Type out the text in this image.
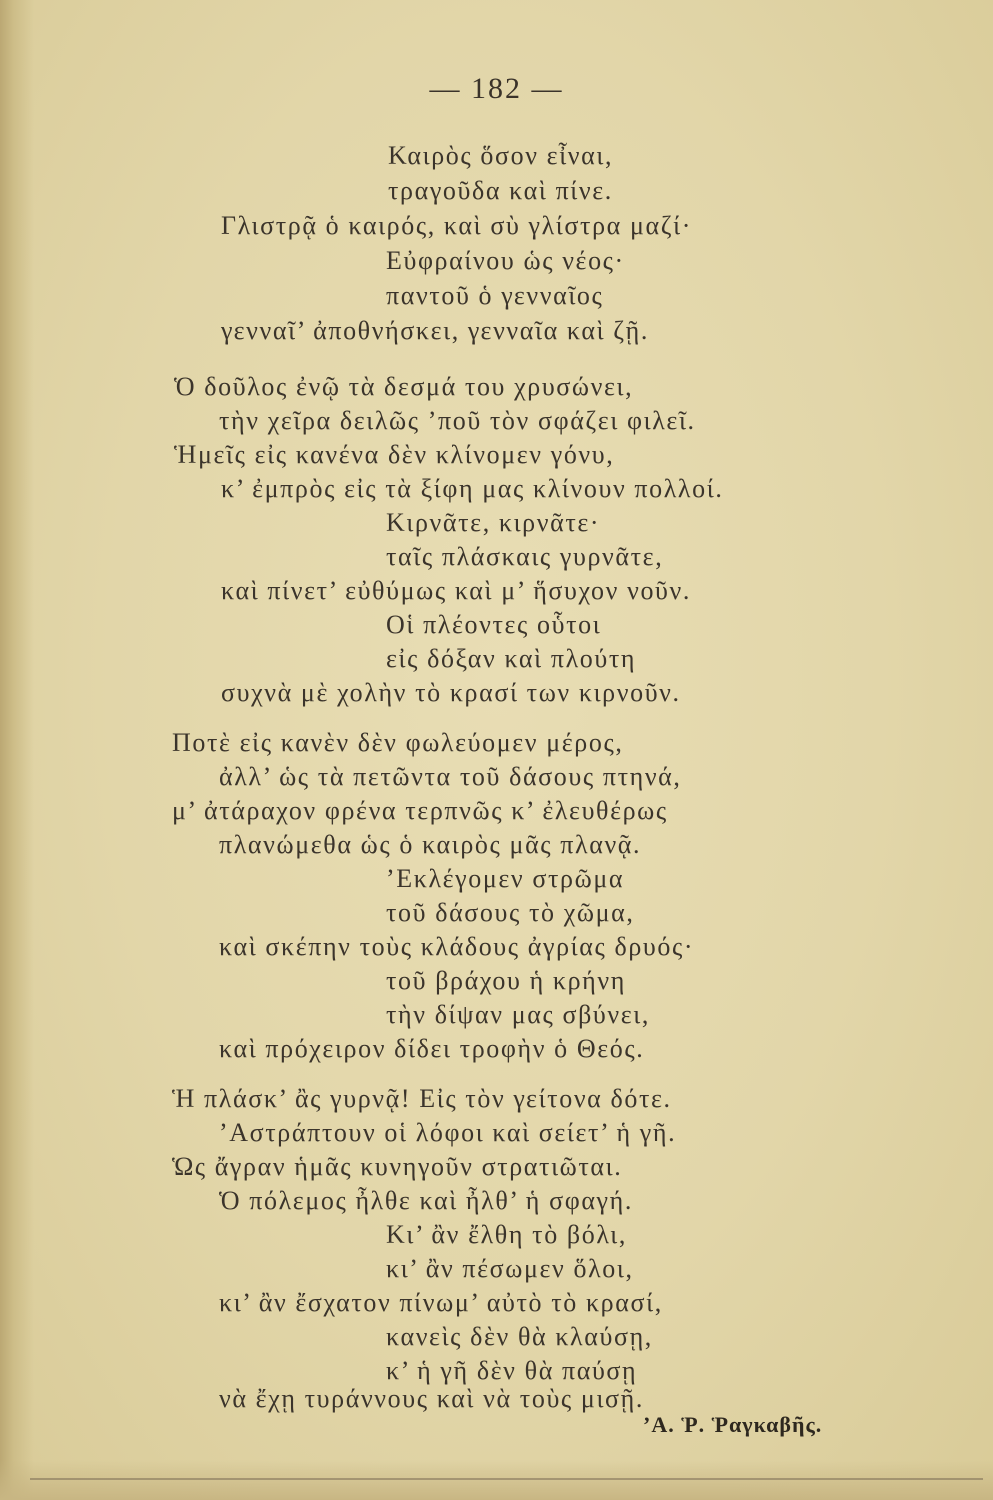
— 182 —
Καιρὸς ὅσον εἶναι,
τραγοῦδα καὶ πίνε.
Γλιστρᾷ ὁ καιρός, καὶ σὺ γλίστρα μαζί·
Εὐφραίνου ὡς νέος·
παντοῦ ὁ γενναῖος
γενναῖ’ ἀποθνήσκει, γενναῖα καὶ ζῇ.
Ὁ δοῦλος ἐνῷ τὰ δεσμά του χρυσώνει,
τὴν χεῖρα δειλῶς ’ποῦ τὸν σφάζει φιλεῖ.
Ἡμεῖς εἰς κανένα δὲν κλίνομεν γόνυ,
κ’ ἐμπρὸς εἰς τὰ ξίφη μας κλίνουν πολλοί.
Κιρνᾶτε, κιρνᾶτε·
ταῖς πλάσκαις γυρνᾶτε,
καὶ πίνετ’ εὐθύμως καὶ μ’ ἥσυχον νοῦν.
Οἱ πλέοντες οὗτοι
εἰς δόξαν καὶ πλούτη
συχνὰ μὲ χολὴν τὸ κρασί των κιρνοῦν.
Ποτὲ εἰς κανὲν δὲν φωλεύομεν μέρος,
ἀλλ’ ὡς τὰ πετῶντα τοῦ δάσους πτηνά,
μ’ ἀτάραχον φρένα τερπνῶς κ’ ἐλευθέρως
πλανώμεθα ὡς ὁ καιρὸς μᾶς πλανᾷ.
’Εκλέγομεν στρῶμα
τοῦ δάσους τὸ χῶμα,
καὶ σκέπην τοὺς κλάδους ἀγρίας δρυός·
τοῦ βράχου ἡ κρήνη
τὴν δίψαν μας σβύνει,
καὶ πρόχειρον δίδει τροφὴν ὁ Θεός.
Ἡ πλάσκ’ ἂς γυρνᾷ! Εἰς τὸν γείτονα δότε.
’Αστράπτουν οἱ λόφοι καὶ σείετ’ ἡ γῆ.
Ὡς ἄγραν ἡμᾶς κυνηγοῦν στρατιῶται.
Ὁ πόλεμος ἦλθε καὶ ἦλθ’ ἡ σφαγή.
Κι’ ἂν ἔλθη τὸ βόλι,
κι’ ἂν πέσωμεν ὅλοι,
κι’ ἂν ἔσχατον πίνωμ’ αὐτὸ τὸ κρασί,
κανεὶς δὲν θὰ κλαύσῃ,
κ’ ἡ γῆ δὲν θὰ παύσῃ
νὰ ἔχῃ τυράννους καὶ νὰ τοὺς μισῇ.
’Α. Ῥ. Ῥαγκαβῆς.
